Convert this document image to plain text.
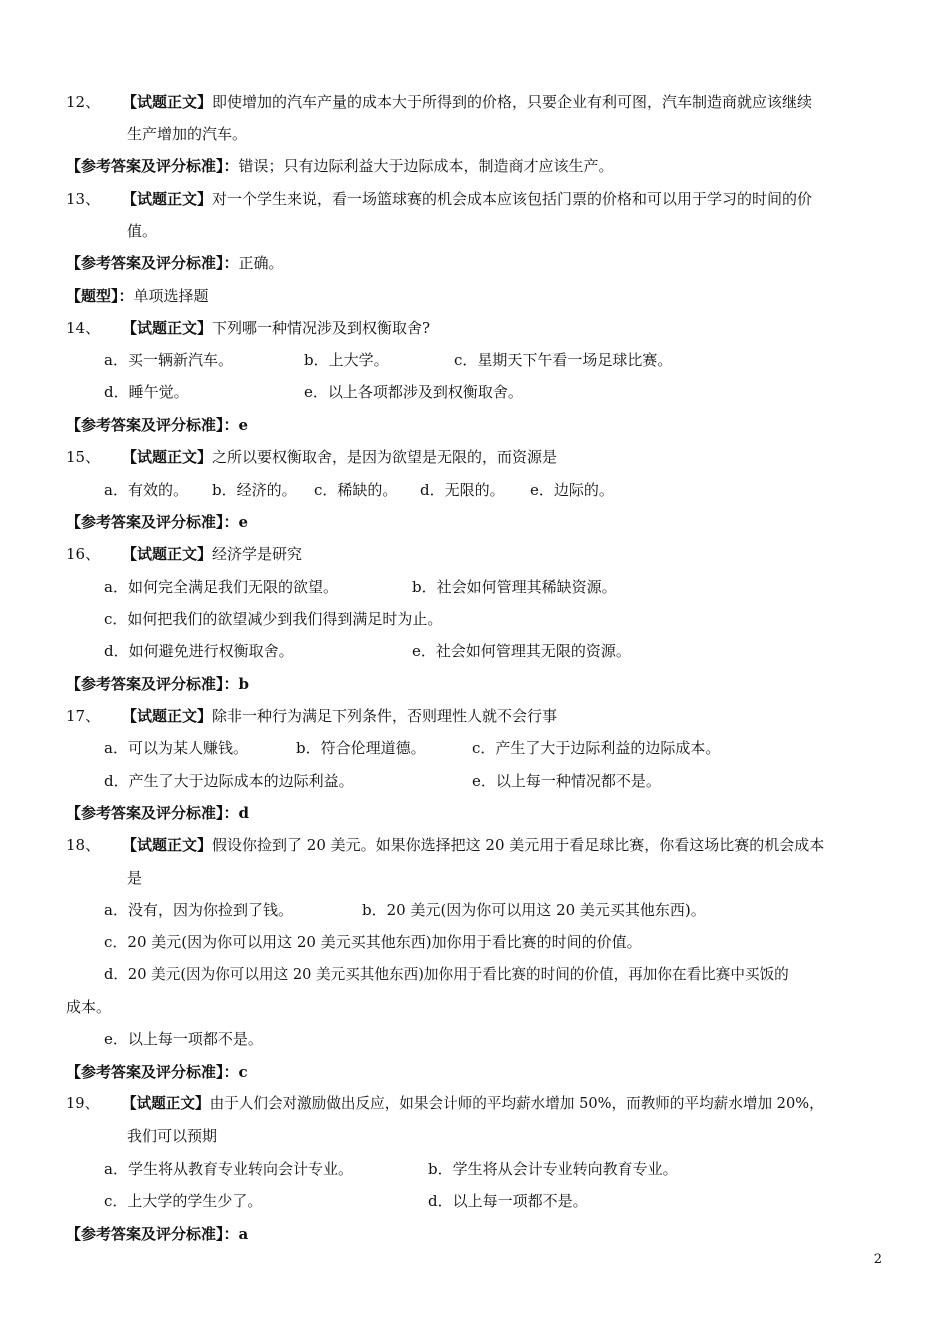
12、 【试题正文】即使增加的汽车产量的成本大于所得到的价格，只要企业有利可图，汽车制造商就应该继续
生产增加的汽车。
【参考答案及评分标准】：错误；只有边际利益大于边际成本，制造商才应该生产。
13、 【试题正文】对一个学生来说，看一场篮球赛的机会成本应该包括门票的价格和可以用于学习的时间的价
值。
【参考答案及评分标准】：正确。
【题型】：单项选择题
14、 【试题正文】下列哪一种情况涉及到权衡取舍?
a．买一辆新汽车。	b．上大学。	c．星期天下午看一场足球比赛。
d．睡午觉。	e．以上各项都涉及到权衡取舍。
【参考答案及评分标准】：e
15、 【试题正文】之所以要权衡取舍，是因为欲望是无限的，而资源是
a．有效的。 b．经济的。 c．稀缺的。 d．无限的。 e．边际的。
【参考答案及评分标准】：e
16、 【试题正文】经济学是研究
a．如何完全满足我们无限的欲望。	b．社会如何管理其稀缺资源。
c．如何把我们的欲望减少到我们得到满足时为止。
d．如何避免进行权衡取舍。	e．社会如何管理其无限的资源。
【参考答案及评分标准】：b
17、 【试题正文】除非一种行为满足下列条件，否则理性人就不会行事
a．可以为某人赚钱。	b．符合伦理道德。	c．产生了大于边际利益的边际成本。
d．产生了大于边际成本的边际利益。	e．以上每一种情况都不是。
【参考答案及评分标准】：d
18、 【试题正文】假设你捡到了 20 美元。如果你选择把这 20 美元用于看足球比赛，你看这场比赛的机会成本
是
a．没有，因为你捡到了钱。	b．20 美元(因为你可以用这 20 美元买其他东西)。
c．20 美元(因为你可以用这 20 美元买其他东西)加你用于看比赛的时间的价值。
d．20 美元(因为你可以用这 20 美元买其他东西)加你用于看比赛的时间的价值，再加你在看比赛中买饭的
成本。
e．以上每一项都不是。
【参考答案及评分标准】：c
19、 【试题正文】由于人们会对激励做出反应，如果会计师的平均薪水增加 50%，而教师的平均薪水增加 20%，
我们可以预期
a．学生将从教育专业转向会计专业。	b．学生将从会计专业转向教育专业。
c．上大学的学生少了。	d．以上每一项都不是。
【参考答案及评分标准】：a
2
